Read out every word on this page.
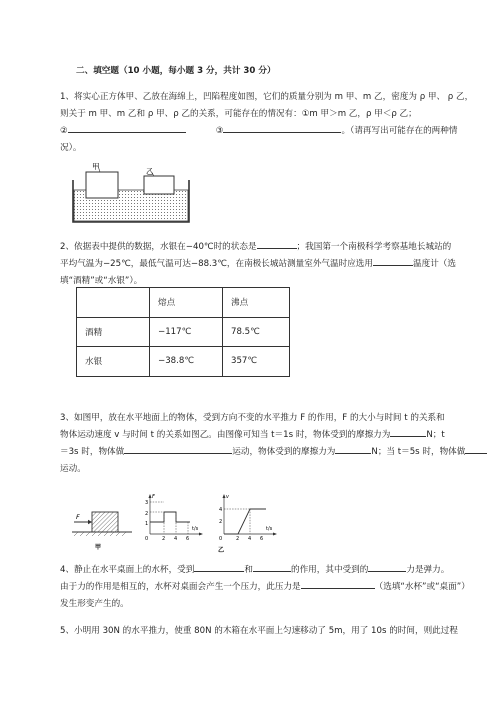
二、填空题（10 小题，每小题 3 分，共计 30 分）
1、将实心正方体甲、乙放在海绵上，凹陷程度如图，它们的质量分别为 m 甲、m 乙，密度为 ρ 甲、 ρ 乙，
则关于 m 甲、m 乙和 ρ 甲、ρ 乙的关系，可能存在的情况有：①m 甲＞m 乙，ρ 甲＜ρ 乙；
②	③	。（请再写出可能存在的两种情
况）。
甲
乙
2、依据表中提供的数据，水银在−40℃时的状态是	；我国第一个南极科学考察基地长城站的
平均气温为−25℃，最低气温可达−88.3℃，在南极长城站测量室外气温时应选用	温度计（选
填“酒精”或“水银”）。
	熔点	沸点
酒精	−117℃	78.5℃
水银	−38.8℃	357℃
3、如图甲，放在水平地面上的物体，受到方向不变的水平推力 F 的作用，F 的大小与时间 t 的关系和
物体运动速度 v 与时间 t 的关系如图乙。由图像可知当 t＝1s 时，物体受到的摩擦力为	N；t
＝3s 时，物体做	运动，物体受到的摩擦力为	N；当 t＝5s 时，物体做
运动。
F
甲
F
t/s
3
2
1
0	2 4 6
v
t/s
4
2
0	2 4 6
乙
4、静止在水平桌面上的水杯，受到	和	的作用，其中受到的	力是弹力。
由于力的作用是相互的，水杯对桌面会产生一个压力，此压力是	（选填“水杯”或“桌面”）
发生形变产生的。
5、小明用 30N 的水平推力，使重 80N 的木箱在水平面上匀速移动了 5m，用了 10s 的时间，则此过程
